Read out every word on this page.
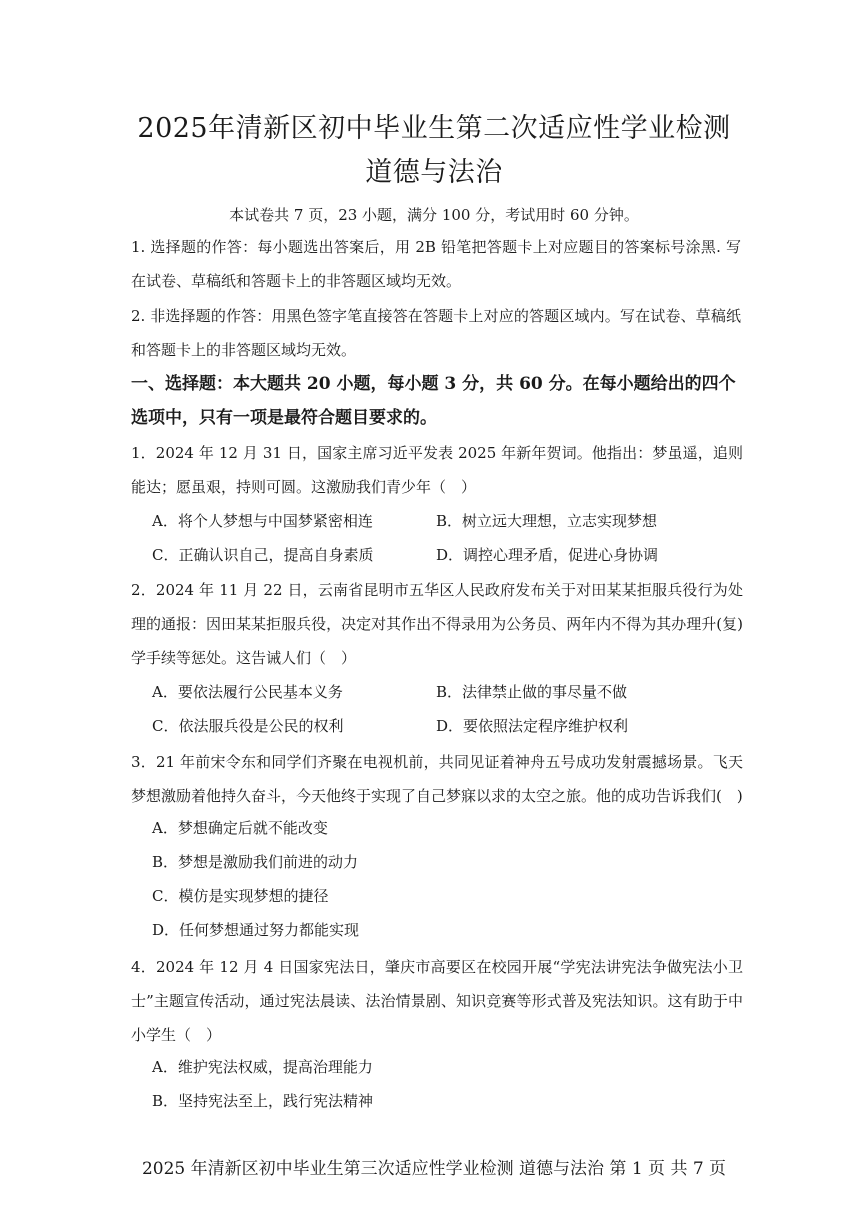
2025年清新区初中毕业生第二次适应性学业检测
道德与法治
本试卷共 7 页，23 小题，满分 100 分，考试用时 60 分钟。
1. 选择题的作答：每小题选出答案后，用 2B 铅笔把答题卡上对应题目的答案标号涂黑. 写在试卷、草稿纸和答题卡上的非答题区域均无效。
2. 非选择题的作答：用黑色签字笔直接答在答题卡上对应的答题区域内。写在试卷、草稿纸和答题卡上的非答题区域均无效。
一、选择题：本大题共 20 小题，每小题 3 分，共 60 分。在每小题给出的四个选项中，只有一项是最符合题目要求的。
1．2024 年 12 月 31 日，国家主席习近平发表 2025 年新年贺词。他指出：梦虽遥，追则能达；愿虽艰，持则可圆。这激励我们青少年（　）
A．将个人梦想与中国梦紧密相连	B．树立远大理想，立志实现梦想
C．正确认识自己，提高自身素质	D．调控心理矛盾，促进心身协调
2．2024 年 11 月 22 日，云南省昆明市五华区人民政府发布关于对田某某拒服兵役行为处理的通报：因田某某拒服兵役，决定对其作出不得录用为公务员、两年内不得为其办理升(复)学手续等惩处。这告诫人们（　）
A．要依法履行公民基本义务	B．法律禁止做的事尽量不做
C．依法服兵役是公民的权利	D．要依照法定程序维护权利
3．21 年前宋令东和同学们齐聚在电视机前，共同见证着神舟五号成功发射震撼场景。飞天梦想激励着他持久奋斗，今天他终于实现了自己梦寐以求的太空之旅。他的成功告诉我们(　)
A．梦想确定后就不能改变
B．梦想是激励我们前进的动力
C．模仿是实现梦想的捷径
D．任何梦想通过努力都能实现
4．2024 年 12 月 4 日国家宪法日，肇庆市高要区在校园开展“学宪法讲宪法争做宪法小卫士”主题宣传活动，通过宪法晨读、法治情景剧、知识竞赛等形式普及宪法知识。这有助于中小学生（　）
A．维护宪法权威，提高治理能力
B．坚持宪法至上，践行宪法精神
2025 年清新区初中毕业生第三次适应性学业检测 道德与法治 第 1 页 共 7 页
